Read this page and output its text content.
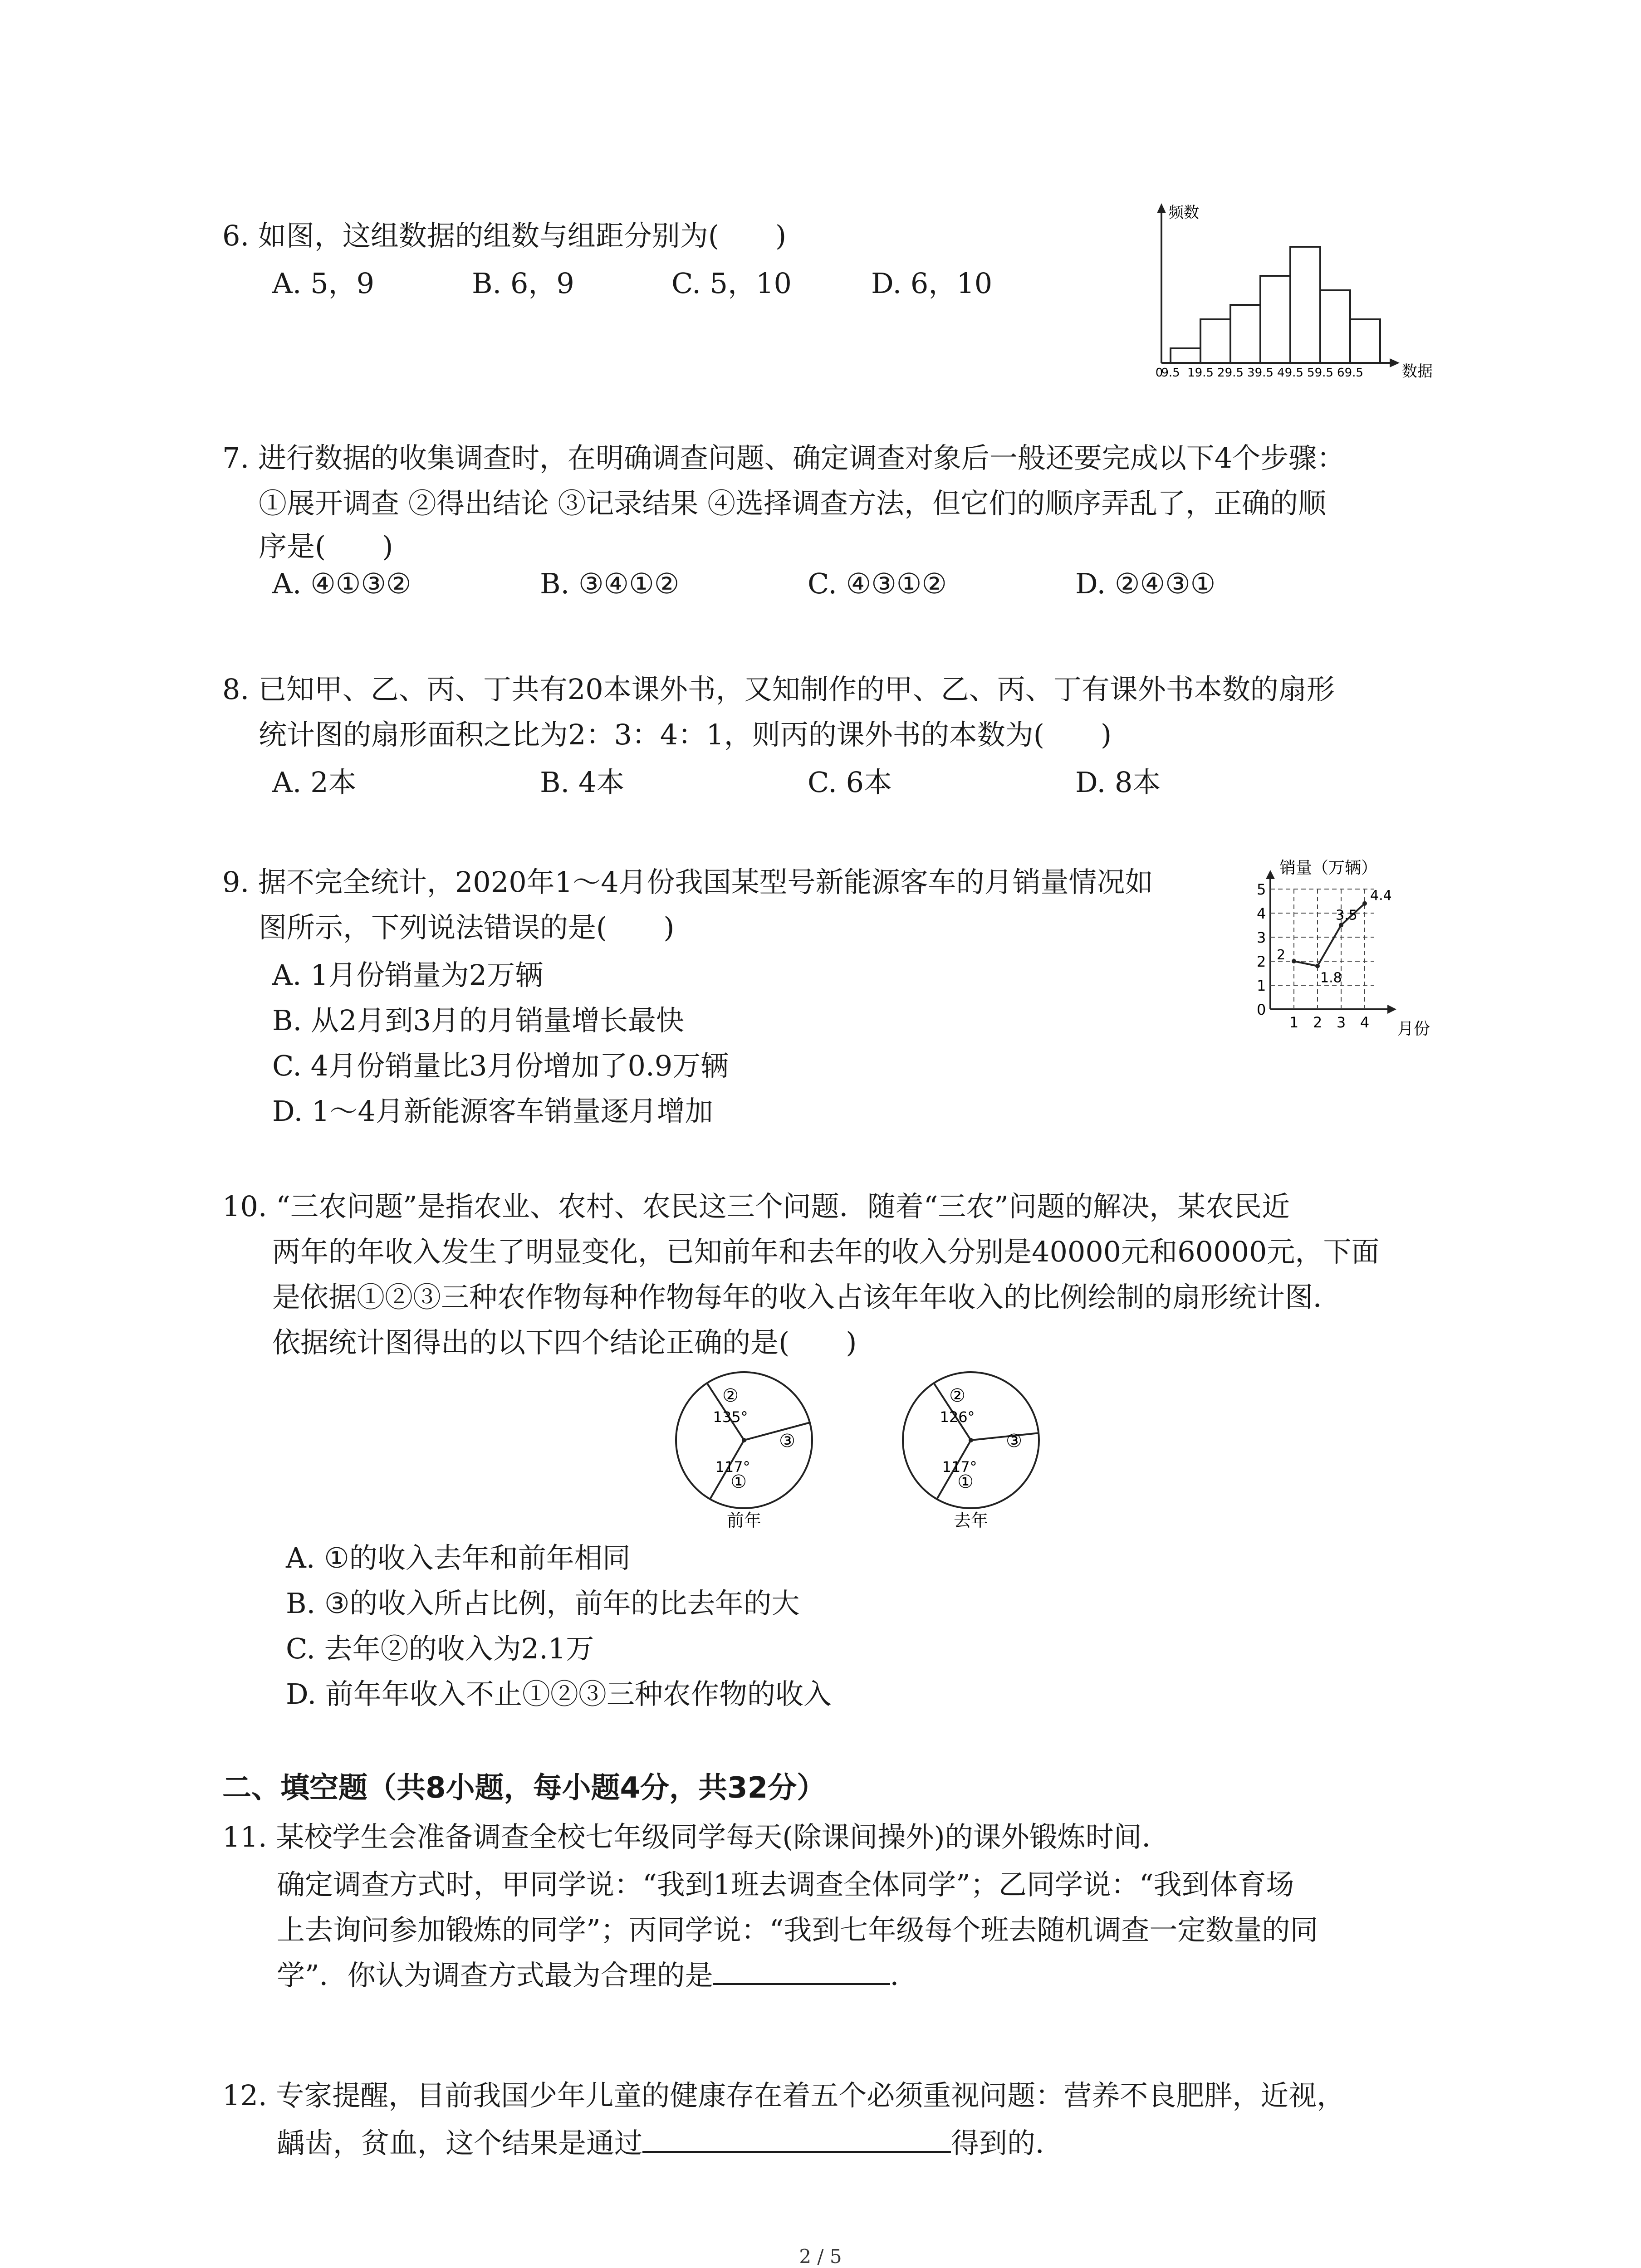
6. 如图，这组数据的组数与组距分别为(　　)
A. 5，9	B. 6，9	C. 5，10	D. 6，10
频数
数据
0
9.5 19.5 29.5 39.5 49.5 59.5 69.5
7. 进行数据的收集调查时，在明确调查问题、确定调查对象后一般还要完成以下4个步骤：
①展开调查 ②得出结论 ③记录结果 ④选择调查方法，但它们的顺序弄乱了，正确的顺
序是(　　)
A. ④①③②	B. ③④①②	C. ④③①②	D. ②④③①
8. 已知甲、乙、丙、丁共有20本课外书，又知制作的甲、乙、丙、丁有课外书本数的扇形
统计图的扇形面积之比为2：3：4：1，则丙的课外书的本数为(　　)
A. 2本	B. 4本	C. 6本	D. 8本
9. 据不完全统计，2020年1～4月份我国某型号新能源客车的月销量情况如
图所示，下列说法错误的是(　　)
A. 1月份销量为2万辆
B. 从2月到3月的月销量增长最快
C. 4月份销量比3月份增加了0.9万辆
D. 1～4月新能源客车销量逐月增加
销量（万辆）
月份
0
1
2
3
4
5
1 2 3 4
2
1.8
3.5
4.4
10. “三农问题”是指农业、农村、农民这三个问题．随着“三农”问题的解决，某农民近
两年的年收入发生了明显变化，已知前年和去年的收入分别是40000元和60000元，下面
是依据①②③三种农作物每种作物每年的收入占该年年收入的比例绘制的扇形统计图．
依据统计图得出的以下四个结论正确的是(　　)
①
②
③
135°
117°
①
②
③
126°
117°
前年	去年
A. ①的收入去年和前年相同
B. ③的收入所占比例，前年的比去年的大
C. 去年②的收入为2.1万
D. 前年年收入不止①②③三种农作物的收入
二、填空题（共8小题，每小题4分，共32分）
11. 某校学生会准备调查全校七年级同学每天(除课间操外)的课外锻炼时间．
确定调查方式时，甲同学说：“我到1班去调查全体同学”；乙同学说：“我到体育场
上去询问参加锻炼的同学”；丙同学说：“我到七年级每个班去随机调查一定数量的同
学”．你认为调查方式最为合理的是	．
12. 专家提醒，目前我国少年儿童的健康存在着五个必须重视问题：营养不良肥胖，近视，
龋齿，贫血，这个结果是通过	得到的．
2 / 5
